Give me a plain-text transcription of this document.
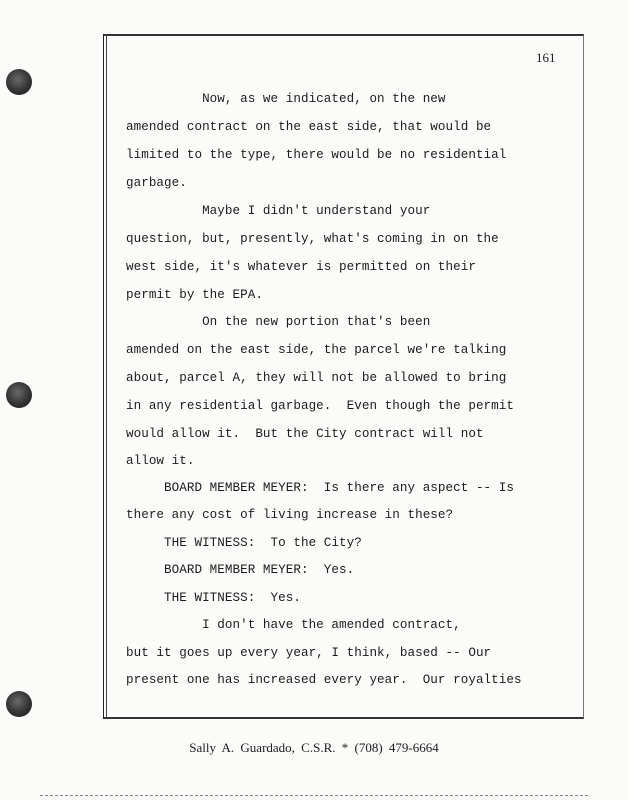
161
Now, as we indicated, on the new
amended contract on the east side, that would be
limited to the type, there would be no residential
garbage.
Maybe I didn't understand your
question, but, presently, what's coming in on the
west side, it's whatever is permitted on their
permit by the EPA.
On the new portion that's been
amended on the east side, the parcel we're talking
about, parcel A, they will not be allowed to bring
in any residential garbage.  Even though the permit
would allow it.  But the City contract will not
allow it.
BOARD MEMBER MEYER:  Is there any aspect -- Is
there any cost of living increase in these?
THE WITNESS:  To the City?
BOARD MEMBER MEYER:  Yes.
THE WITNESS:  Yes.
I don't have the amended contract,
but it goes up every year, I think, based -- Our
present one has increased every year.  Our royalties
Sally A. Guardado, C.S.R. * (708) 479-6664
